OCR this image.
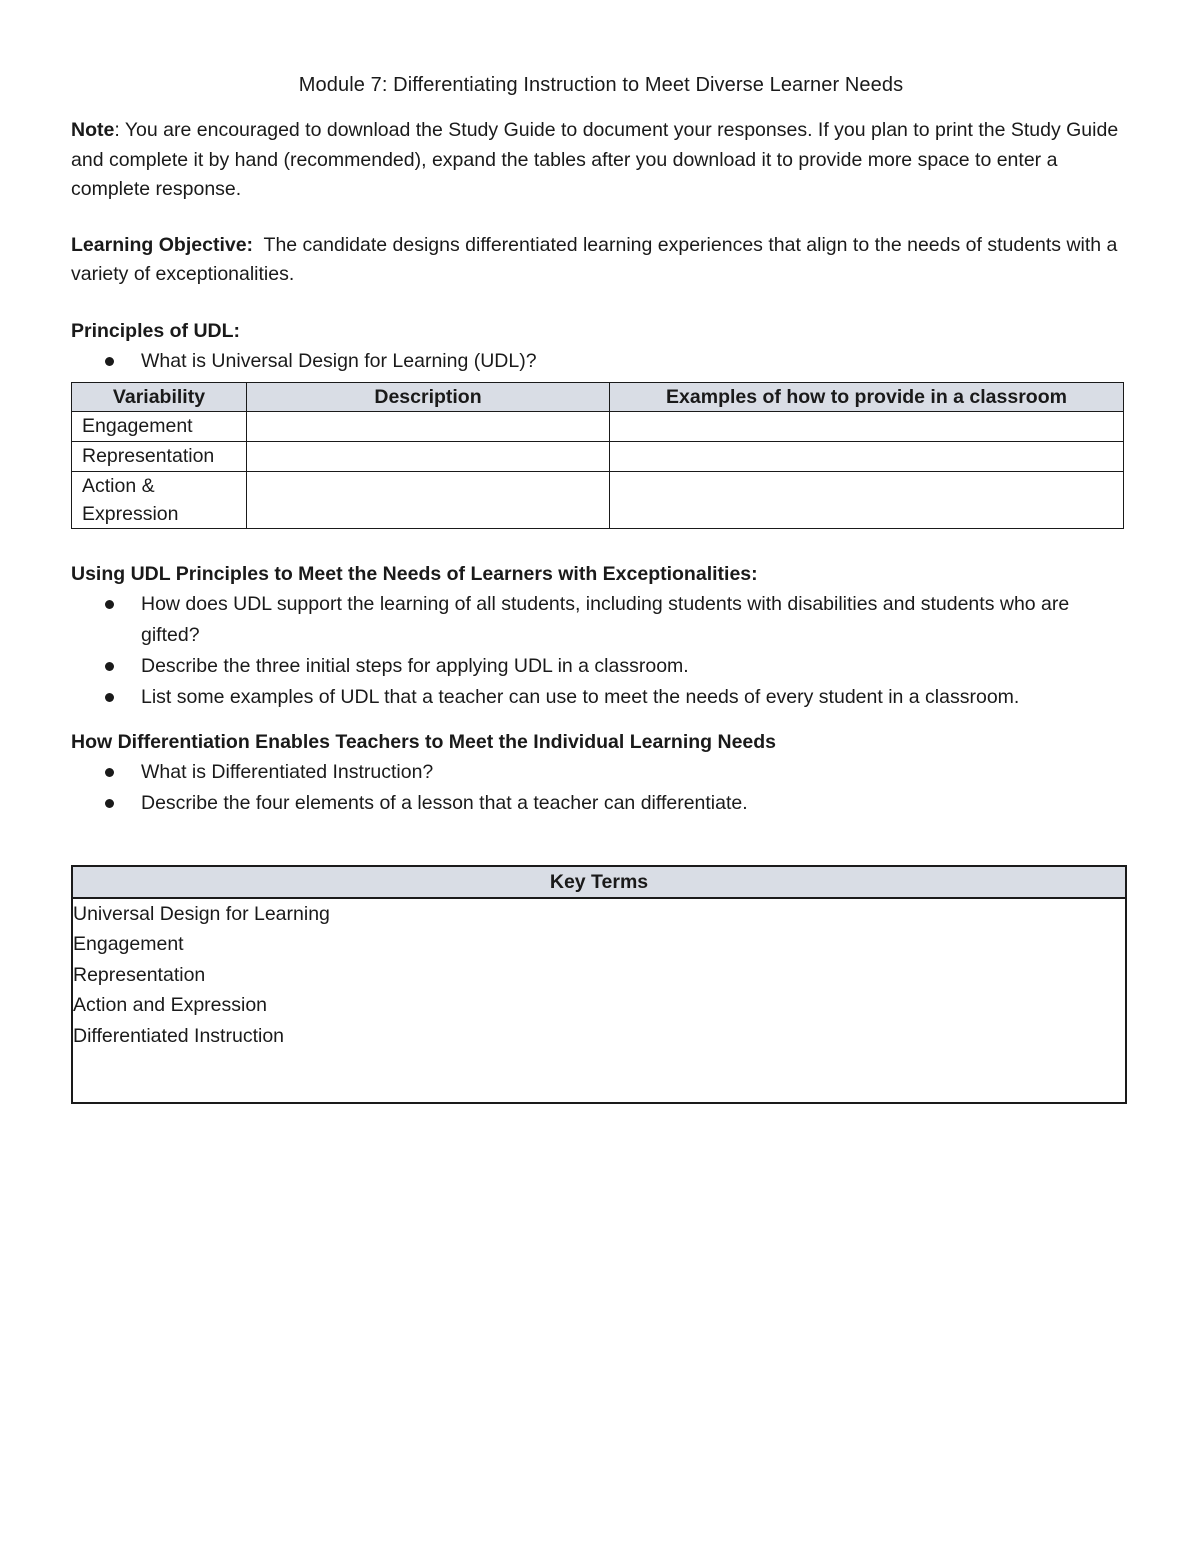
Module 7: Differentiating Instruction to Meet Diverse Learner Needs

Note: You are encouraged to download the Study Guide to document your responses. If you plan to print the Study Guide and complete it by hand (recommended), expand the tables after you download it to provide more space to enter a complete response.

Learning Objective:  The candidate designs differentiated learning experiences that align to the needs of students with a variety of exceptionalities.

Principles of UDL:
What is Universal Design for Learning (UDL)?
Variability	Description	Examples of how to provide in a classroom
Engagement		
Representation		
Action & Expression		
Using UDL Principles to Meet the Needs of Learners with Exceptionalities:
How does UDL support the learning of all students, including students with disabilities and students who are gifted?
Describe the three initial steps for applying UDL in a classroom.
List some examples of UDL that a teacher can use to meet the needs of every student in a classroom.
How Differentiation Enables Teachers to Meet the Individual Learning Needs
What is Differentiated Instruction?
Describe the four elements of a lesson that a teacher can differentiate.
Key Terms
Universal Design for Learning
Engagement
Representation
Action and Expression
Differentiated Instruction
